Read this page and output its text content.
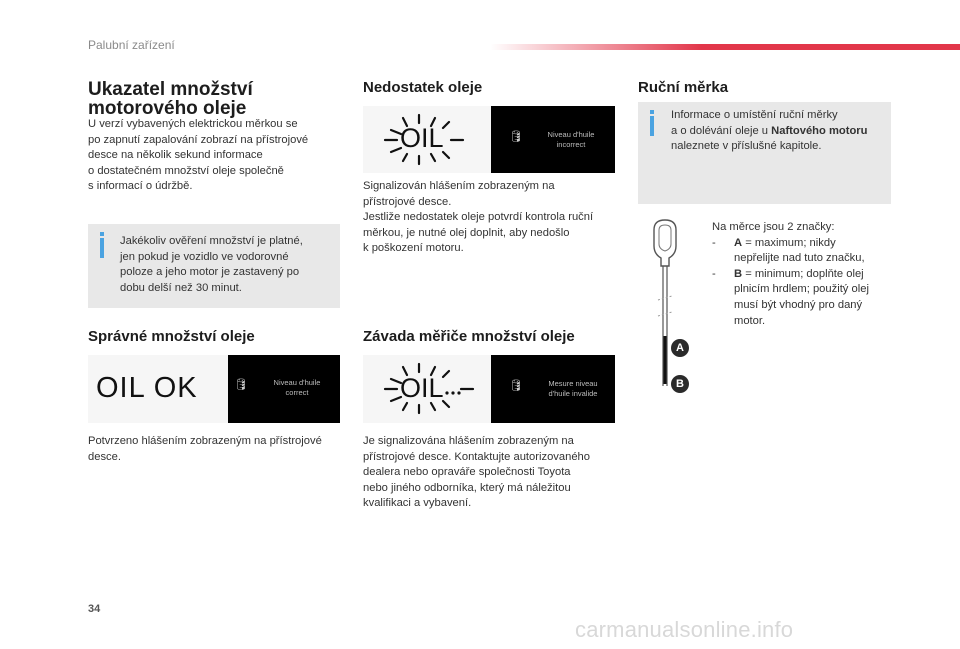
Palubní zařízení
Ukazatel množství
motorového oleje
U verzí vybavených elektrickou měrkou se
po zapnutí zapalování zobrazí na přístrojové
desce na několik sekund informace
o dostatečném množství oleje společně
s informací o údržbě.
Jakékoliv ověření množství je platné,
jen pokud je vozidlo ve vodorovné
poloze a jeho motor je zastavený po
dobu delší než 30 minut.
Správné množství oleje
OIL OK	🛢	Niveau d'huile
correct
Potvrzeno hlášením zobrazeným na přístrojové
desce.
Nedostatek oleje
OIL	🛢	Niveau d'huile
incorrect
Signalizován hlášením zobrazeným na
přístrojové desce.
Jestliže nedostatek oleje potvrdí kontrola ruční
měrkou, je nutné olej doplnit, aby nedošlo
k poškození motoru.
Závada měřiče množství oleje
OIL	🛢	Mesure niveau
d'huile invalide
Je signalizována hlášením zobrazeným na
přístrojové desce. Kontaktujte autorizovaného
dealera nebo opraváře společnosti Toyota
nebo jiného odborníka, který má náležitou
kvalifikaci a vybavení.
Ruční měrka
Informace o umístění ruční měrky
a o dolévání oleje u Naftového motoru
naleznete v příslušné kapitole.
A
B
Na měrce jsou 2 značky:
- A = maximum; nikdy
nepřelijte nad tuto značku,
- B = minimum; doplňte olej
plnicím hrdlem; použitý olej
musí být vhodný pro daný
motor.
34
carmanualsonline.info
